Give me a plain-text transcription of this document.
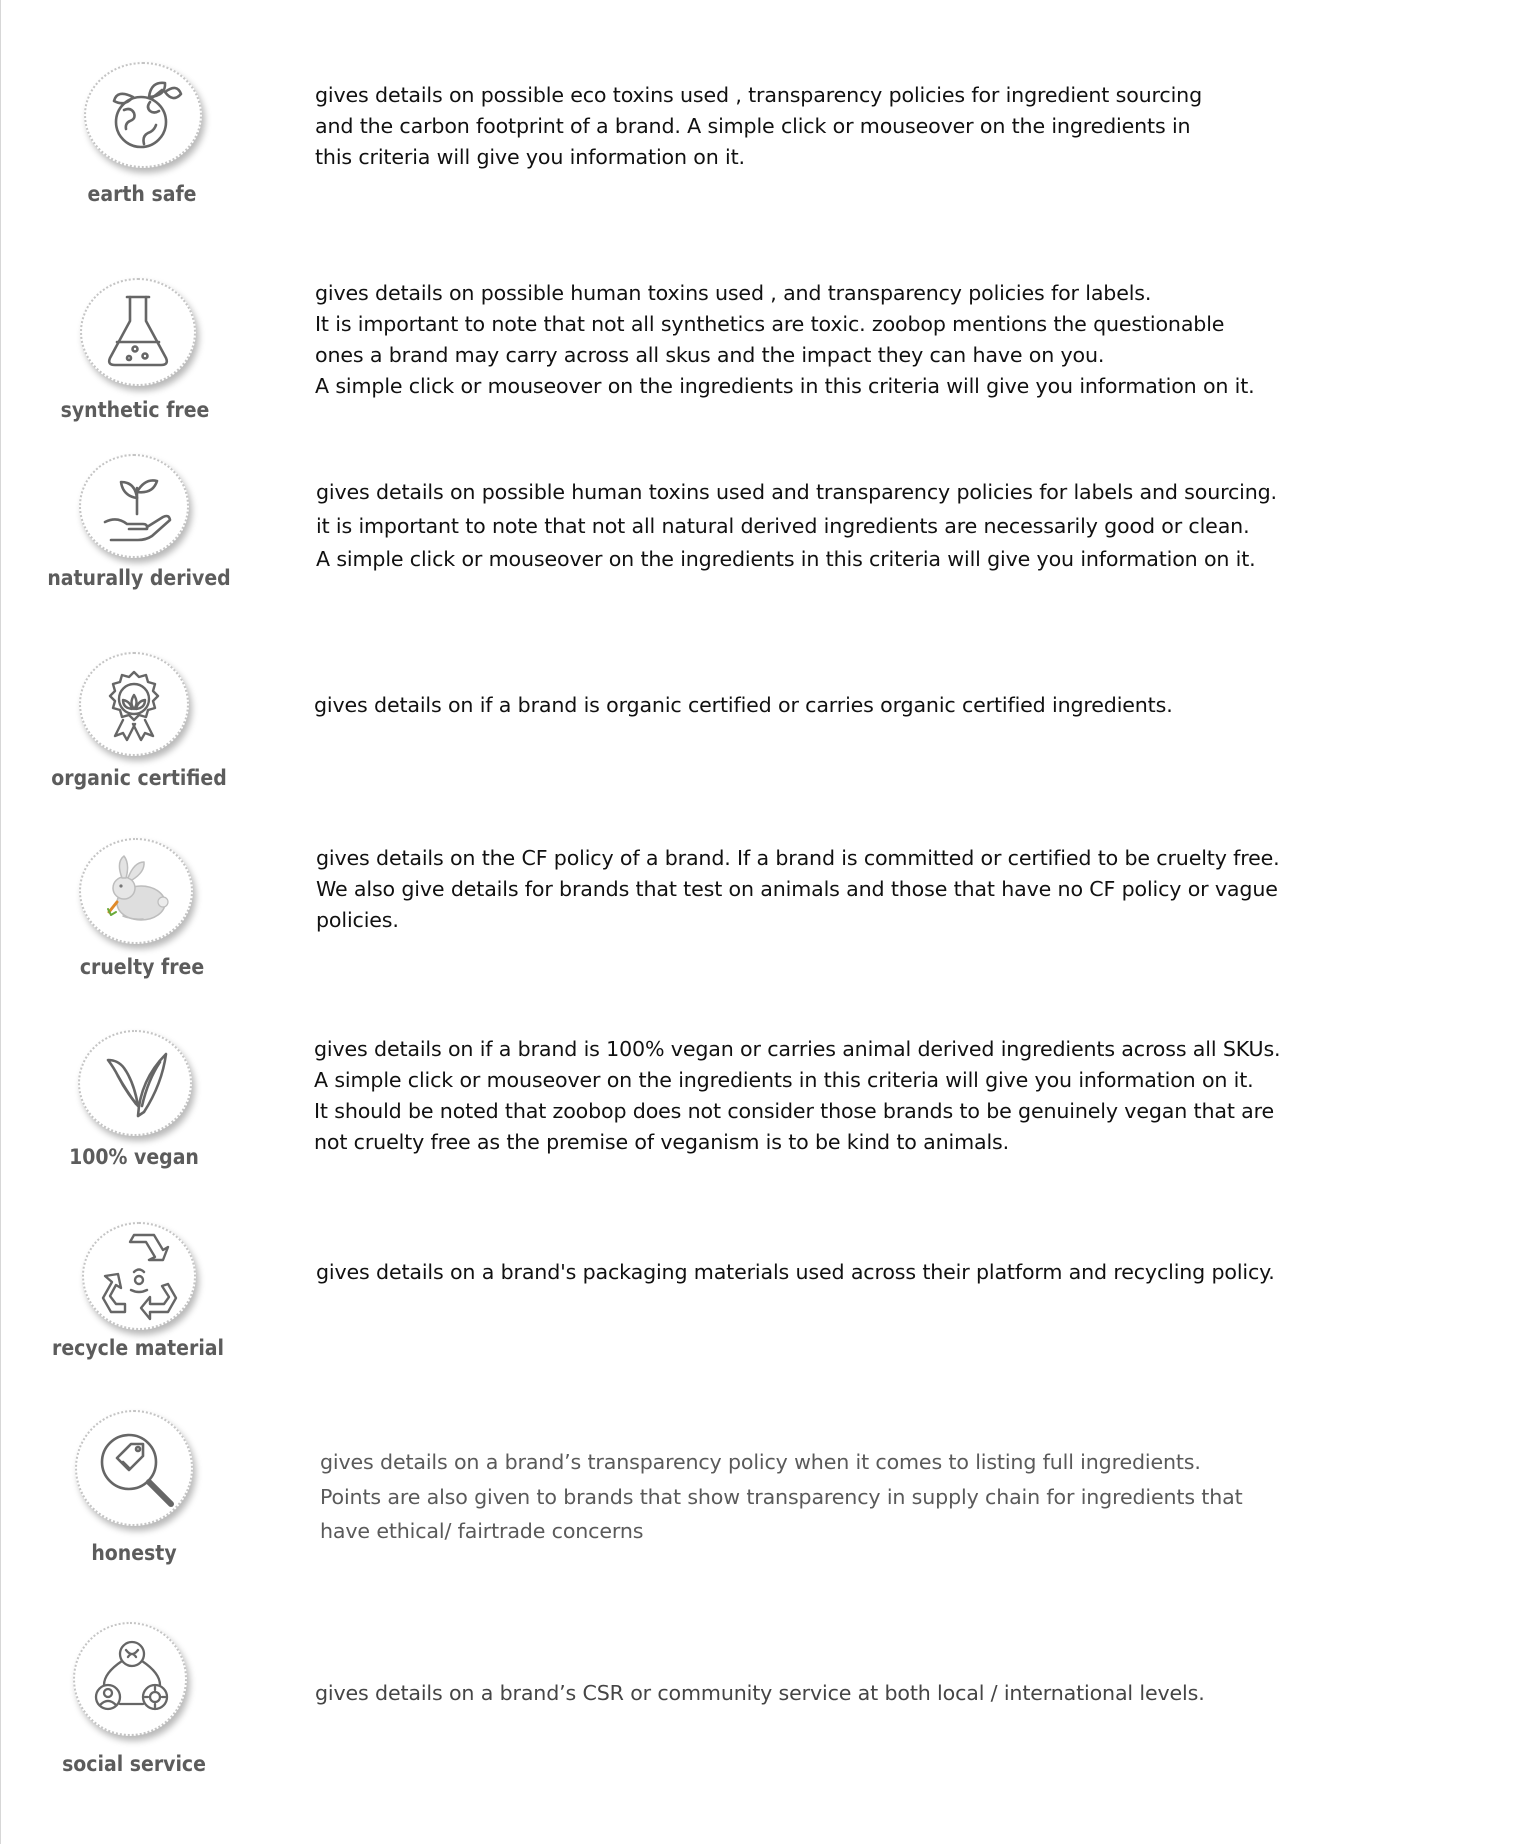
earth safe

gives details on possible eco toxins used , transparency policies for ingredient sourcing
and the carbon footprint of a brand. A simple click or mouseover on the ingredients in
this criteria will give you information on it.

synthetic free

gives details on possible human toxins used , and transparency policies for labels.
It is important to note that not all synthetics are toxic. zoobop mentions the questionable
ones a brand may carry across all skus and the impact they can have on you.
A simple click or mouseover on the ingredients in this criteria will give you information on it.

naturally derived

gives details on possible human toxins used and transparency policies for labels and sourcing.
it is important to note that not all natural derived ingredients are necessarily good or clean.
A simple click or mouseover on the ingredients in this criteria will give you information on it.

organic certified

gives details on if a brand is organic certified or carries organic certified ingredients.

cruelty free

gives details on the CF policy of a brand. If a brand is committed or certified to be cruelty free.
We also give details for brands that test on animals and those that have no CF policy or vague
policies.

100% vegan

gives details on if a brand is 100% vegan or carries animal derived ingredients across all SKUs.
A simple click or mouseover on the ingredients in this criteria will give you information on it.
It should be noted that zoobop does not consider those brands to be genuinely vegan that are
not cruelty free as the premise of veganism is to be kind to animals.

recycle material

gives details on a brand's packaging materials used across their platform and recycling policy.

honesty

gives details on a brand’s transparency policy when it comes to listing full ingredients.
Points are also given to brands that show transparency in supply chain for ingredients that
have ethical/ fairtrade concerns

social service

gives details on a brand’s CSR or community service at both local / international levels.
